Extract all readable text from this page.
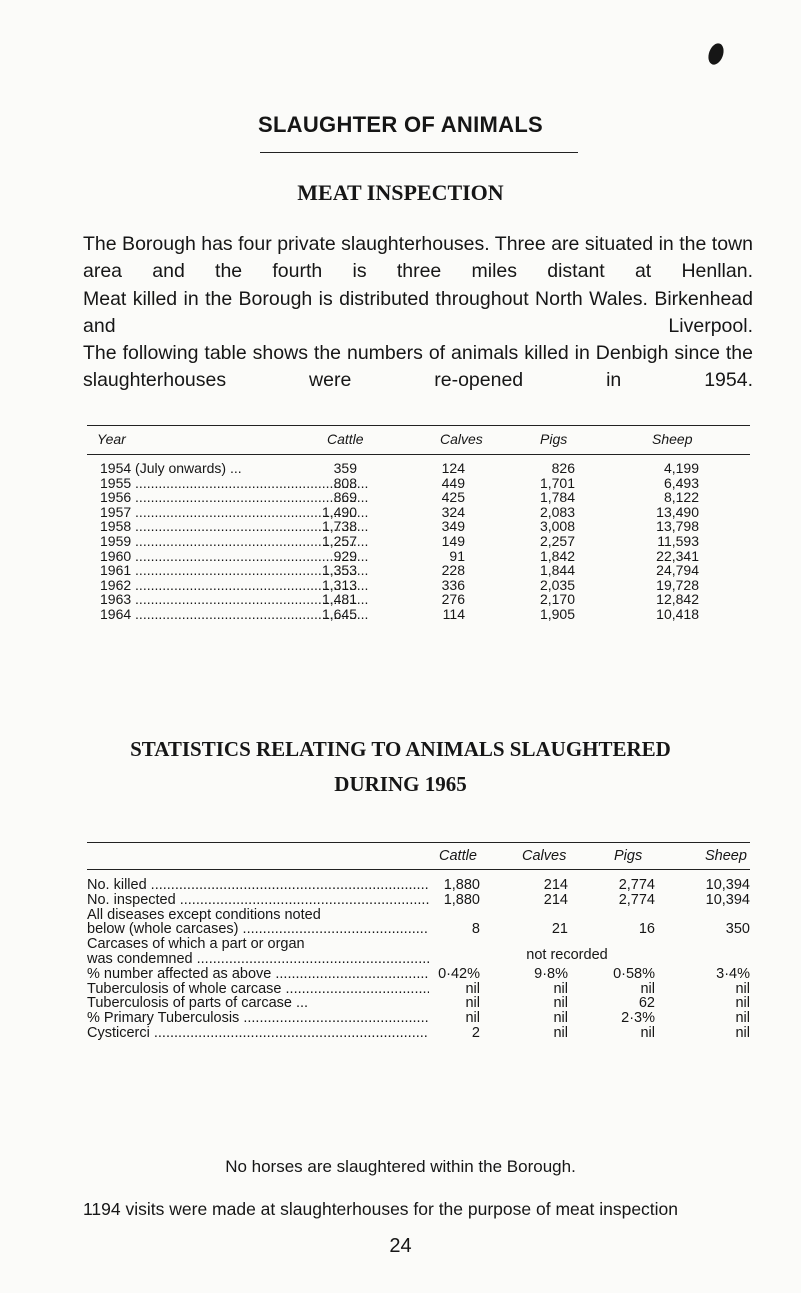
SLAUGHTER OF ANIMALS
MEAT INSPECTION
The Borough has four private slaughterhouses. Three are situated in the town area and the fourth is three miles distant at Henllan.
Meat killed in the Borough is distributed throughout North Wales. Birkenhead and Liverpool.
The following table shows the numbers of animals killed in Denbigh since the slaughterhouses were re-opened in 1954.
Year	Cattle	Calves	Pigs	Sheep
1954 (July onwards) ...	359	124	826	4,199
1955 .....	808	449	1,701	6,493
1956 .....	869	425	1,784	8,122
1957 .....	1,490	324	2,083	13,490
1958 .....	1,738	349	3,008	13,798
1959 .....	1,257	149	2,257	11,593
1960 .....	929	91	1,842	22,341
1961 .....	1,353	228	1,844	24,794
1962 .....	1,313	336	2,035	19,728
1963 .....	1,481	276	2,170	12,842
1964 .....	1,645	114	1,905	10,418
STATISTICS RELATING TO ANIMALS SLAUGHTERED
DURING 1965
Cattle	Calves	Pigs	Sheep
No. killed .....	1,880	214	2,774	10,394
No. inspected .....	1,880	214	2,774	10,394
All diseases except conditions noted
below (whole carcases) .....	8	21	16	350
Carcases of which a part or organ
was condemned .....	not recorded
% number affected as above .....	0·42%	9·8%	0·58%	3·4%
Tuberculosis of whole carcase .....	nil	nil	nil	nil
Tuberculosis of parts of carcase ...	nil	nil	62	nil
% Primary Tuberculosis .....	nil	nil	2·3%	nil
Cysticerci .....	2	nil	nil	nil
No horses are slaughtered within the Borough.
1194 visits were made at slaughterhouses for the purpose of meat inspection
24
